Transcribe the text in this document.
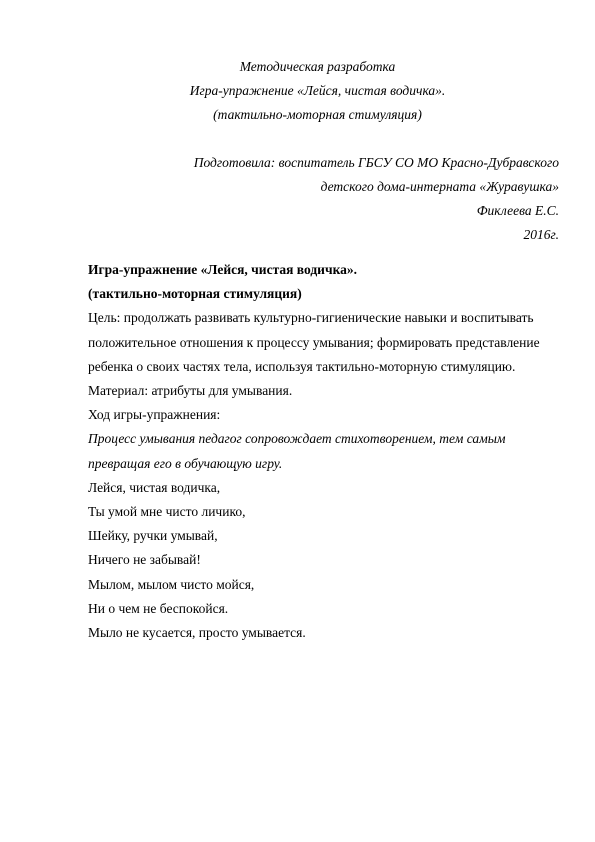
Методическая разработка
Игра-упражнение «Лейся, чистая водичка».
(тактильно-моторная стимуляция)
Подготовила: воспитатель ГБСУ СО МО Красно-Дубравского
детского дома-интерната «Журавушка»
Фиклеева Е.С.
2016г.

Игра-упражнение «Лейся, чистая водичка».

(тактильно-моторная стимуляция)

Цель: продолжать развивать культурно-гигиенические навыки и воспитывать

положительное отношения к процессу умывания; формировать представление

ребенка о своих частях тела, используя тактильно-моторную стимуляцию.

Материал: атрибуты для умывания.

Ход игры-упражнения:

Процесс умывания педагог сопровождает стихотворением, тем самым

превращая его в обучающую игру.

Лейся, чистая водичка,

Ты умой мне чисто личико,

Шейку, ручки умывай,

Ничего не забывай!

Мылом, мылом чисто мойся,

Ни о чем не беспокойся.

Мыло не кусается, просто умывается.
